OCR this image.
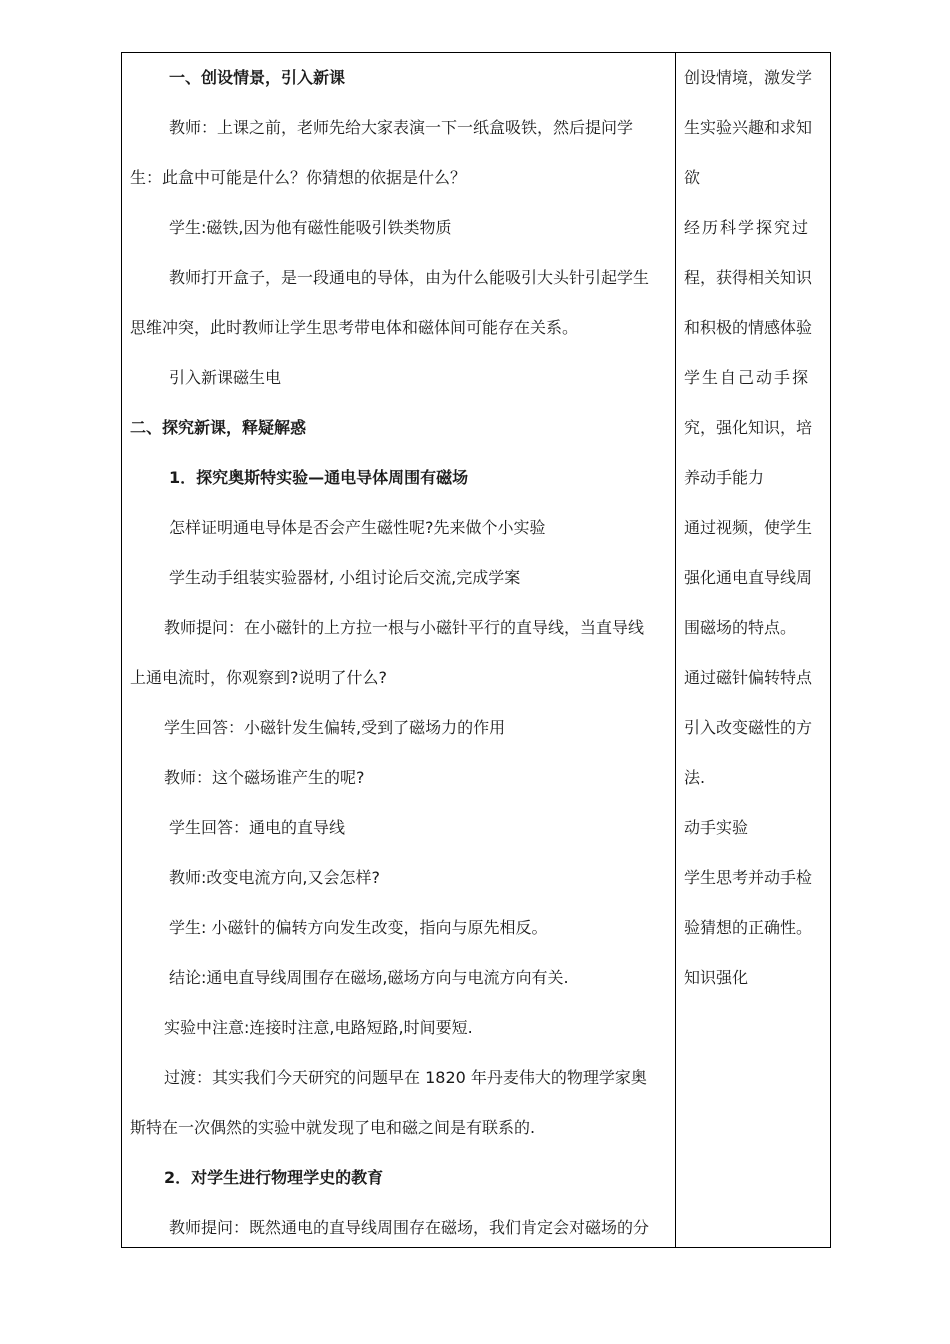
一、创设情景，引入新课
教师：上课之前，老师先给大家表演一下一纸盒吸铁，然后提问学
生：此盒中可能是什么？你猜想的依据是什么？
学生:磁铁,因为他有磁性能吸引铁类物质
教师打开盒子，是一段通电的导体，由为什么能吸引大头针引起学生
思维冲突，此时教师让学生思考带电体和磁体间可能存在关系。
引入新课磁生电
二、探究新课，释疑解惑
1．探究奥斯特实验—通电导体周围有磁场
怎样证明通电导体是否会产生磁性呢?先来做个小实验
学生动手组装实验器材, 小组讨论后交流,完成学案
教师提问：在小磁针的上方拉一根与小磁针平行的直导线，当直导线
上通电流时，你观察到?说明了什么?
学生回答：小磁针发生偏转,受到了磁场力的作用
教师：这个磁场谁产生的呢?
学生回答：通电的直导线
教师:改变电流方向,又会怎样?
学生: 小磁针的偏转方向发生改变，指向与原先相反。
结论:通电直导线周围存在磁场,磁场方向与电流方向有关.
实验中注意:连接时注意,电路短路,时间要短.
过渡：其实我们今天研究的问题早在 1820 年丹麦伟大的物理学家奥
斯特在一次偶然的实验中就发现了电和磁之间是有联系的.
2．对学生进行物理学史的教育
教师提问：既然通电的直导线周围存在磁场，我们肯定会对磁场的分
创设情境，激发学
生实验兴趣和求知
欲
经历科学探究过
程，获得相关知识
和积极的情感体验
学生自己动手探
究，强化知识，培
养动手能力
通过视频，使学生
强化通电直导线周
围磁场的特点。
通过磁针偏转特点
引入改变磁性的方
法.
动手实验
学生思考并动手检
验猜想的正确性。
知识强化
